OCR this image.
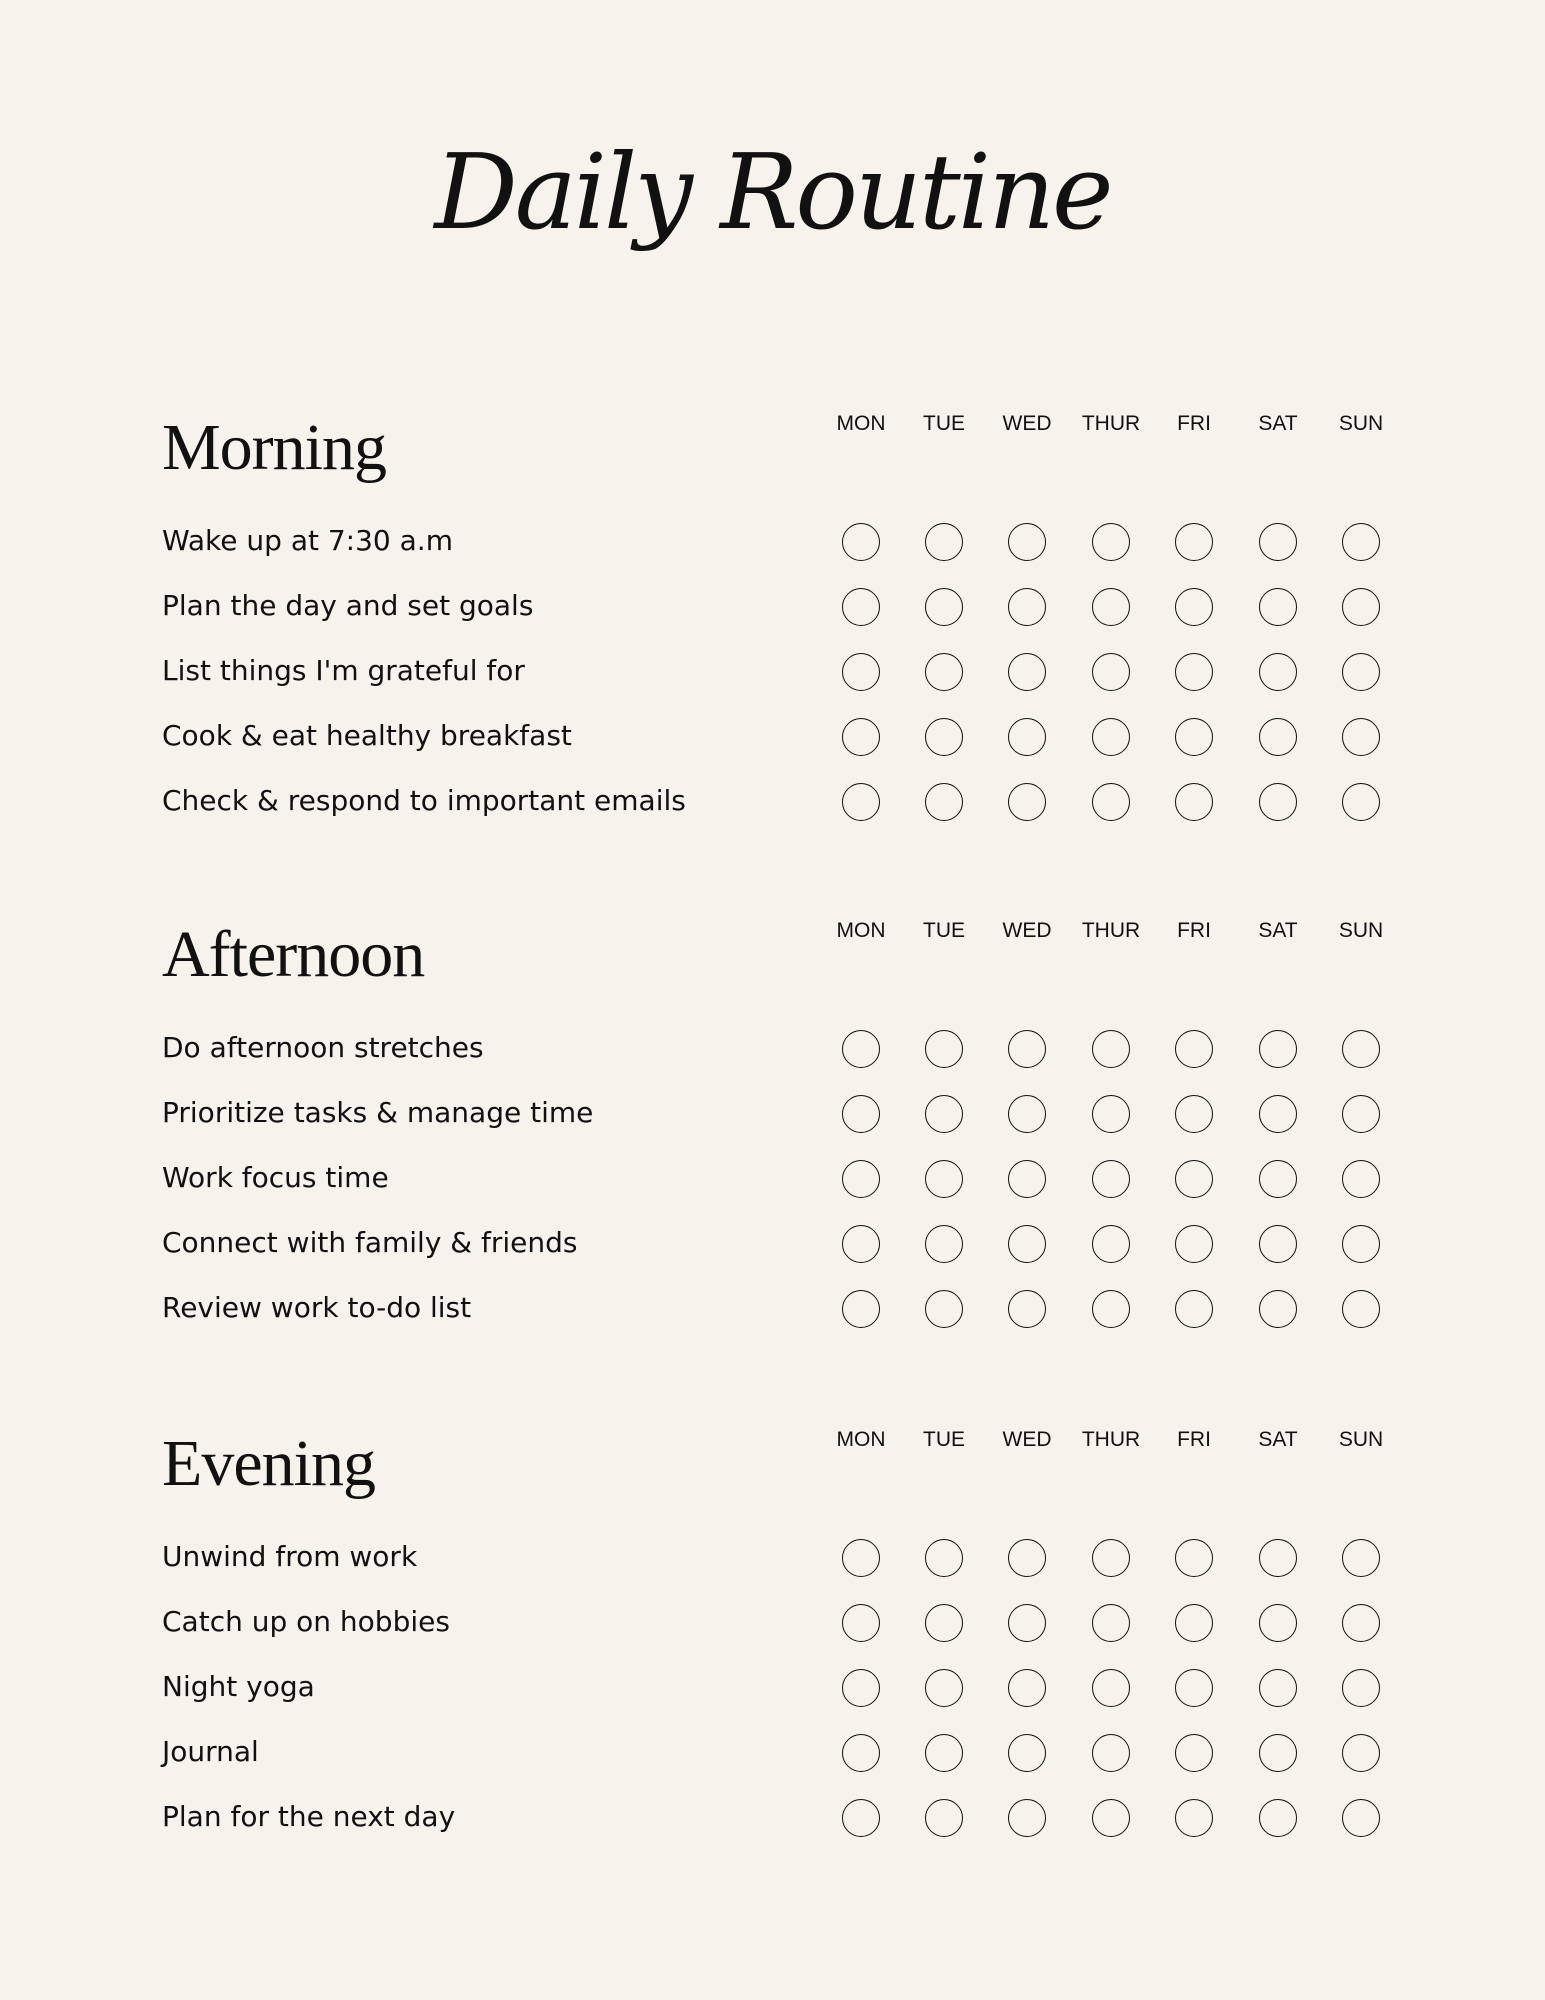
Daily Routine
Morning	MON	TUE	WED	THUR	FRI	SAT	SUN
Wake up at 7:30 a.m
Plan the day and set goals
List things I'm grateful for
Cook & eat healthy breakfast
Check & respond to important emails
Afternoon	MON	TUE	WED	THUR	FRI	SAT	SUN
Do afternoon stretches
Prioritize tasks & manage time
Work focus time
Connect with family & friends
Review work to-do list
Evening	MON	TUE	WED	THUR	FRI	SAT	SUN
Unwind from work
Catch up on hobbies
Night yoga
Journal
Plan for the next day
